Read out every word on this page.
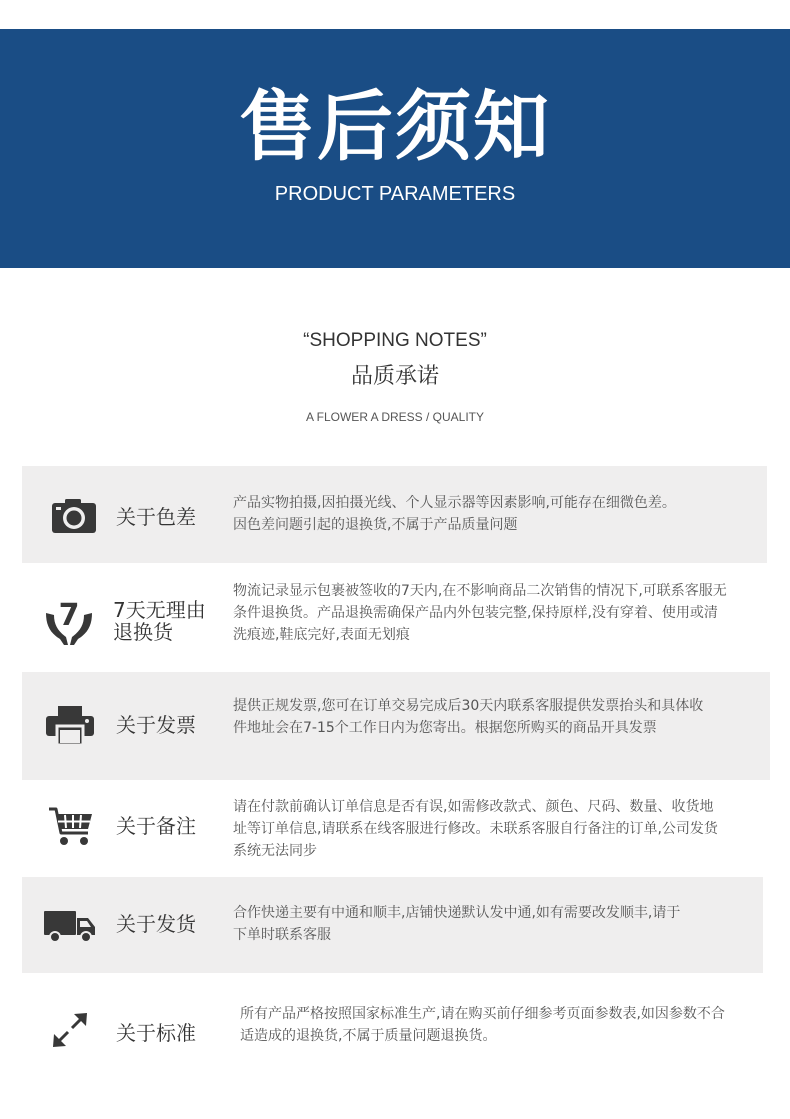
售后须知
PRODUCT PARAMETERS
“SHOPPING NOTES”
品质承诺
A FLOWER A DRESS / QUALITY
关于色差
产品实物拍摄,因拍摄光线、个人显示器等因素影响,可能存在细微色差。
因色差问题引起的退换货,不属于产品质量问题
7 7天无理由
退换货
物流记录显示包裹被签收的7天内,在不影响商品二次销售的情况下,可联系客服无
条件退换货。产品退换需确保产品内外包装完整,保持原样,没有穿着、使用或清
洗痕迹,鞋底完好,表面无划痕
关于发票
提供正规发票,您可在订单交易完成后30天内联系客服提供发票抬头和具体收
件地址会在7-15个工作日内为您寄出。根据您所购买的商品开具发票
关于备注
请在付款前确认订单信息是否有误,如需修改款式、颜色、尺码、数量、收货地
址等订单信息,请联系在线客服进行修改。未联系客服自行备注的订单,公司发货
系统无法同步
关于发货	合作快递主要有中通和顺丰,店铺快递默认发中通,如有需要改发顺丰,请于
下单时联系客服
关于标准
所有产品严格按照国家标准生产,请在购买前仔细参考页面参数表,如因参数不合
适造成的退换货,不属于质量问题退换货。
